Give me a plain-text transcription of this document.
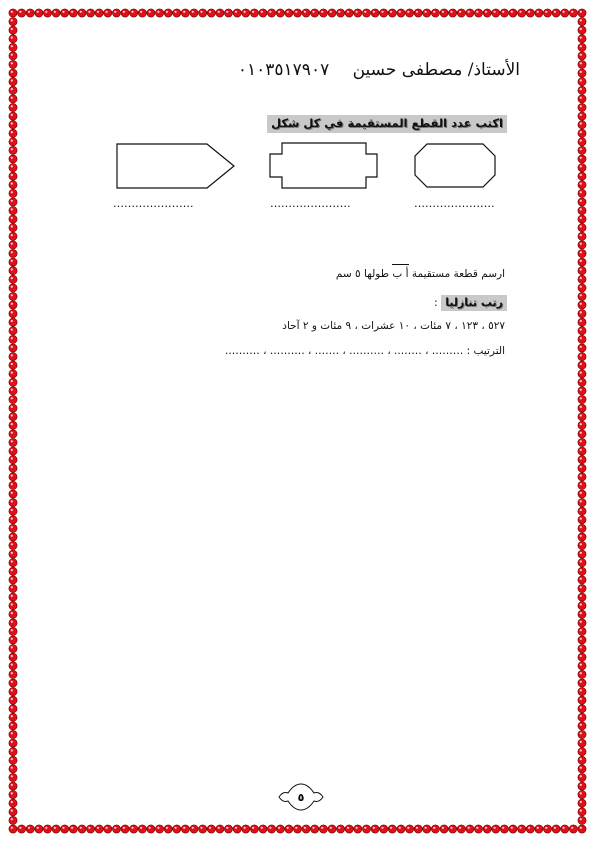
الأستاذ/ مصطفى حسين ٠١٠٣٥١٧٩٠٧
اكتب عدد القطع المستقيمة في كل شكل
………………….
………………….
………………….
ارسم قطعة مستقيمة أ ب طولها ٥ سم
رتب تنازليا :
٥٢٧ ، ١٢٣ ، ٧ مئات ، ١٠ عشرات ، ٩ مئات و ٢ آحاد
الترتيب : ……… ، …….. ، ………. ، ……. ، ………. ، ……….
٥
